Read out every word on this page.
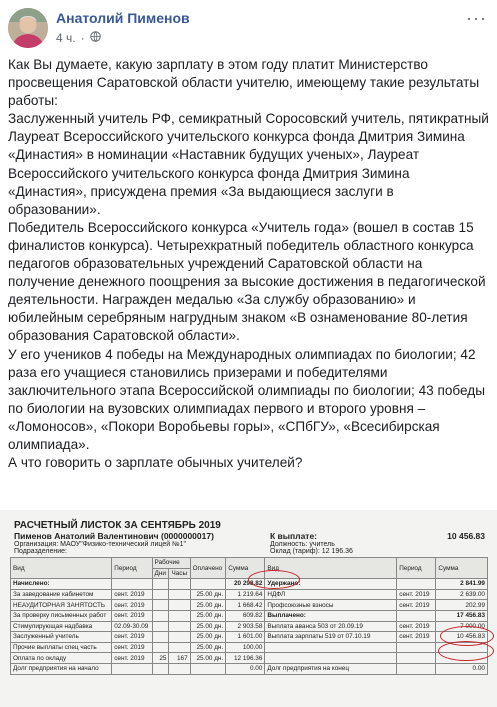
Анатолий Пименов
4 ч. ·
···

Как Вы думаете, какую зарплату в этом году платит Министерство просвещения Саратовской области учителю, имеющему такие результаты работы:

Заслуженный учитель РФ, семикратный Соросовский учитель, пятикратный Лауреат Всероссийского учительского конкурса фонда Дмитрия Зимина «Династия» в номинации «Наставник будущих ученых», Лауреат Всероссийского учительского конкурса фонда Дмитрия Зимина «Династия», присуждена премия «За выдающиеся заслуги в образовании».

Победитель Всероссийского конкурса «Учитель года» (вошел в состав 15 финалистов конкурса). Четырехкратный победитель областного конкурса педагогов образовательных учреждений Саратовской области на получение денежного поощрения за высокие достижения в педагогической деятельности. Награжден медалью «За службу образованию» и юбилейным серебряным нагрудным знаком «В ознаменование 80-летия образования Саратовской области».

У его учеников 4 победы на Международных олимпиадах по биологии; 42 раза его учащиеся становились призерами и победителями заключительного этапа Всероссийской олимпиады по биологии; 43 победы по биологии на вузовских олимпиадах первого и второго уровня – «Ломоносов», «Покори Воробьевы горы», «СПбГУ», «Всесибирская олимпиада».

А что говорить о зарплате обычных учителей?

РАСЧЕТНЫЙ ЛИСТОК ЗА СЕНТЯБРЬ 2019
Пименов Анатолий Валентинович (0000000017)
Организация: МАОУ"Физико-технический лицей №1"
Подразделение:
К выплате:	10 456.83
Должность: учитель
Оклад (тариф): 12 196.36
Вид	Период	Рабочие		Оплачено	Сумма	Вид	Период	Сумма
		Дни	Часы					
Начислено:					20 298.82	Удержано:		2 841.99
За заведование кабинетом	сент. 2019			25.00 дн.	1 219.64	НДФЛ	сент. 2019	2 639.00
НЕАУДИТОРНАЯ ЗАНЯТОСТЬ	сент. 2019			25.00 дн.	1 668.42	Профсоюзные взносы	сент. 2019	202.99
За проверку письменных работ	сент. 2019			25.00 дн.	609.82	Выплачено:		17 456.83
Стимулирующая надбавка	02.09-30.09			25.00 дн.	2 903.58	Выплата аванса 503 от 20.09.19	сент. 2019	7 000.00
Заслуженный учитель	сент. 2019			25.00 дн.	1 601.00	Выплата зарплаты 519 от 07.10.19	сент. 2019	10 456.83
Прочие выплаты спец часть	сент. 2019			25.00 дн.	100.00			
Оплата по окладу	сент. 2019	25	167	25.00 дн.	12 196.36			
Долг предприятия на начало					0.00	Долг предприятия на конец		0.00
